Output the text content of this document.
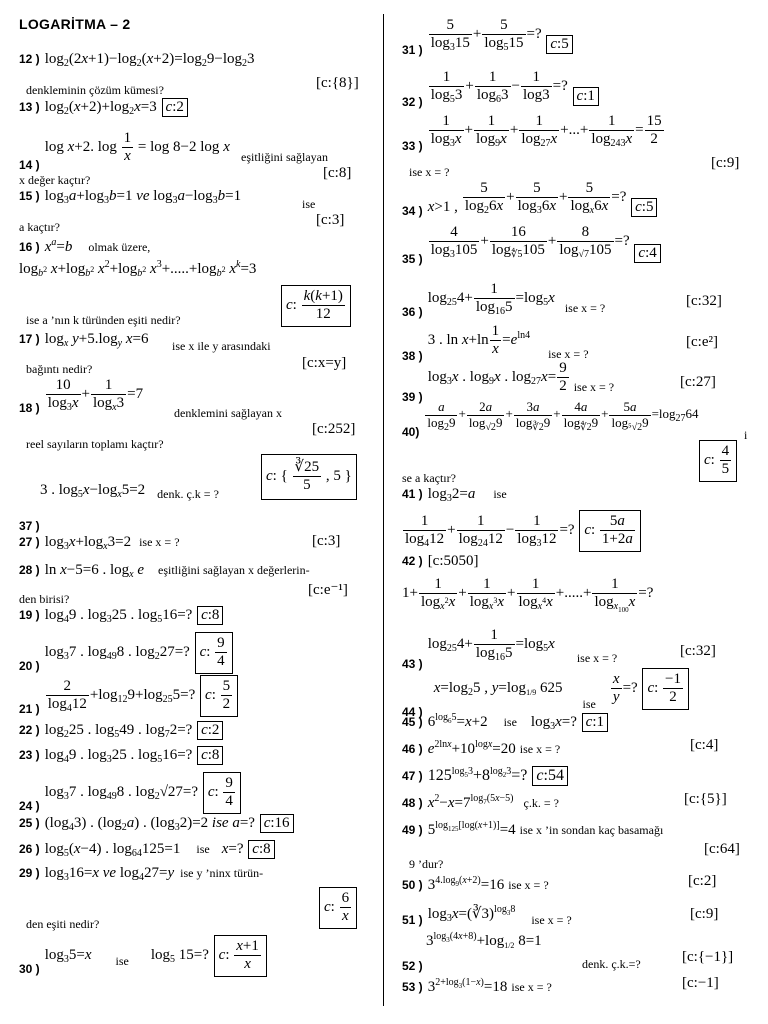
LOGARİTMA – 2
12 ) $\log_2(2x+1)-\log_2(x+2)=\log_29-\log_23$
[c:{8}]
denkleminin çözüm kümesi?
13 ) $\log_2(x+2)+\log_2x=3$ c:2
14 ) log x+2. $\log \frac{1}{x} = \log 8-2$ log x
eşitliğini sağlayan
[c:8]
x değer kaçtır?
15 ) $\log_3a+\log_3b=1$ ve $\log_3a-\log_3b=1$	ise
[c:3]
a kaçtır?
16 ) $x^a=b$ olmak üzere,
$\log_{b^2} x+\log_{b^2}$ $x^2+\log_{b^2}$ $x^3+.....+\log_{b^2}$ $x^k=3$
c: $\frac{k(k+1)}{12}$
ise a ’nın k türünden eşiti nedir?
17 ) $\log_x y+5.\log_y$ x=6 ise x ile y arasındaki
[c:x=y]
bağıntı nedir?
18 ) $\frac{10}{\log_3x} + \frac{1}{\log_x3} =7$
denklemini sağlayan x
[c:252]
reel sayıların toplamı kaçtır?
3 . $\log_5x-\log_x5=2$ $_{denk. ç.k = ?}$
c: { $\frac{∛25}{5}$ , 5 }
37 )
27 ) $\log_3x+\log_x3=2$ ise x = ?	[c:3]
28 ) ln x−5=6 . $\log_x e$ eşitliğini sağlayan x değerlerin-
[c:e⁻¹]
den birisi?
19 ) $\log_49$ . $\log_325$ . $\log_516=$? c:8
20 ) $\log_37$ . $\log_{49}8$ . $\log_227=$? c: $\frac{9}{4}$
21 ) $\frac{2}{\log_412} +\log_{12}9+\log_{25}5=$? c: $\frac{5}{2}$
22 ) $\log_225$ . $\log_549$ . $\log_72=$? c:2
23 ) $\log_49$ . $\log_325$ . $\log_516=$? c:8
24 ) $\log_37$ . $\log_{49}8$ . $\log_2√27=$? c: $\frac{9}{4}$
25 ) $(\log_43)$ . $(\log_2a)$ . $(\log_32)=2$ ise a=? c:16
26 ) $\log_5(x-4)$ . $\log_{64}125=1$ ise x=? c:8
29 ) $\log_316=x$ ve $\log_427=y$ ise y ’ninx türün-
c: $\frac{6}{x}$
den eşiti nedir?
30 ) $\log_35=x$ $_{ise}$ $\log_5 15=$? c: $\frac{x+1}{x}$
31 ) $\frac{5}{\log_315} + \frac{5}{\log_515}$ =? c:5
32 ) $\frac{1}{\log_53} + \frac{1}{\log_63} - \frac{1}{\log 3}$ =? c:1
33 ) $\frac{1}{\log_3x} + \frac{1}{\log_9x} + \frac{1}{\log_{27}x}$ +...+ $\frac{1}{\log_{243}x} = \frac{15}{2}$
[c:9]
ise x = ?
34 ) x>1 , $\frac{5}{\log_26x} + \frac{5}{\log_36x} + \frac{5}{\log_x6x}$ =? c:5
35 ) $\frac{4}{\log_3105} + \frac{16}{\log_{∜5}105} + \frac{8}{\log_{√7}105}$ =? c:4
36 ) $\log_{25}4+ \frac{1}{\log_{16}5} =\log_5x$ $_{ise x = ?}$	[c:32]
38 ) 3 . $\ln x+\ln \frac{1}{x} =e^{ln4}$ $_{ise x = ?}$
[c:e²]
39 ) $\log_3x$ . $\log_9x$ . $\log_{27}x= \frac{9}{2} _{ise x = ?}$	[c:27]
40)
$\frac{a}{\log_29} + \frac{2a}{\log_{√2}9} + \frac{3a}{\log_{∛2}9} + \frac{4a}{\log_{∜2}9} + \frac{5a}{\log_{^5√2}9} =\log_{27}64$
i
c: $\frac{4}{5}$
se a kaçtır?
41 ) $\log_32=a$ ise
$\frac{1}{\log_412} + \frac{1}{\log_{24}12} - \frac{1}{\log_312}$ =? c: $\frac{5a}{1+2a}$
42 ) [c:5050]
$1+ \frac{1}{\log_{x^2}x} + \frac{1}{\log_{x^3}x} + \frac{1}{\log_{x^4}x}$ +.....+ $\frac{1}{\log_{x_{100}}x}$ =?
43 ) $\log_{25}4+ \frac{1}{\log_{16}5} =\log_5x$ $_{ise x = ?}$	[c:32]
44 ) $x=\log_25$ , $y=\log_{1/9}$ 625 $_{ise} \frac{x}{y}$ =? c: $\frac{-1}{2}$
45 ) $6^{log_65}=x+2$ ise $\log_3x=$? c:1
46 ) $e^{2lnx}+10^{logx}=20$ ise x = ?	[c:4]
47 ) $125^{log_53}+8^{log_23}=$? c:54
48 ) $x^2-x=7^{log_7(5x-5)}$ ç.k. = ?	[c:{5}]
49 ) $5^{log_{125}[log(x+1)]}=4$ ise x ’in sondan kaç basamağı
[c:64]
9 ’dur?
50 ) $3^{4.log_9(x+2)}=16$ ise x = ?	[c:2]
51 ) $\log_3x=(∛3)^{log_38}$ $_{ise x = ?}$	[c:9]
$3^{log_3(4x+8)}+\log_{1/2}$ 8=1
52 )	denk. ç.k.=?	[c:{−1}]
53 ) $3^{2+log_3(1-x)}=18$ ise x = ?	[c:−1]
